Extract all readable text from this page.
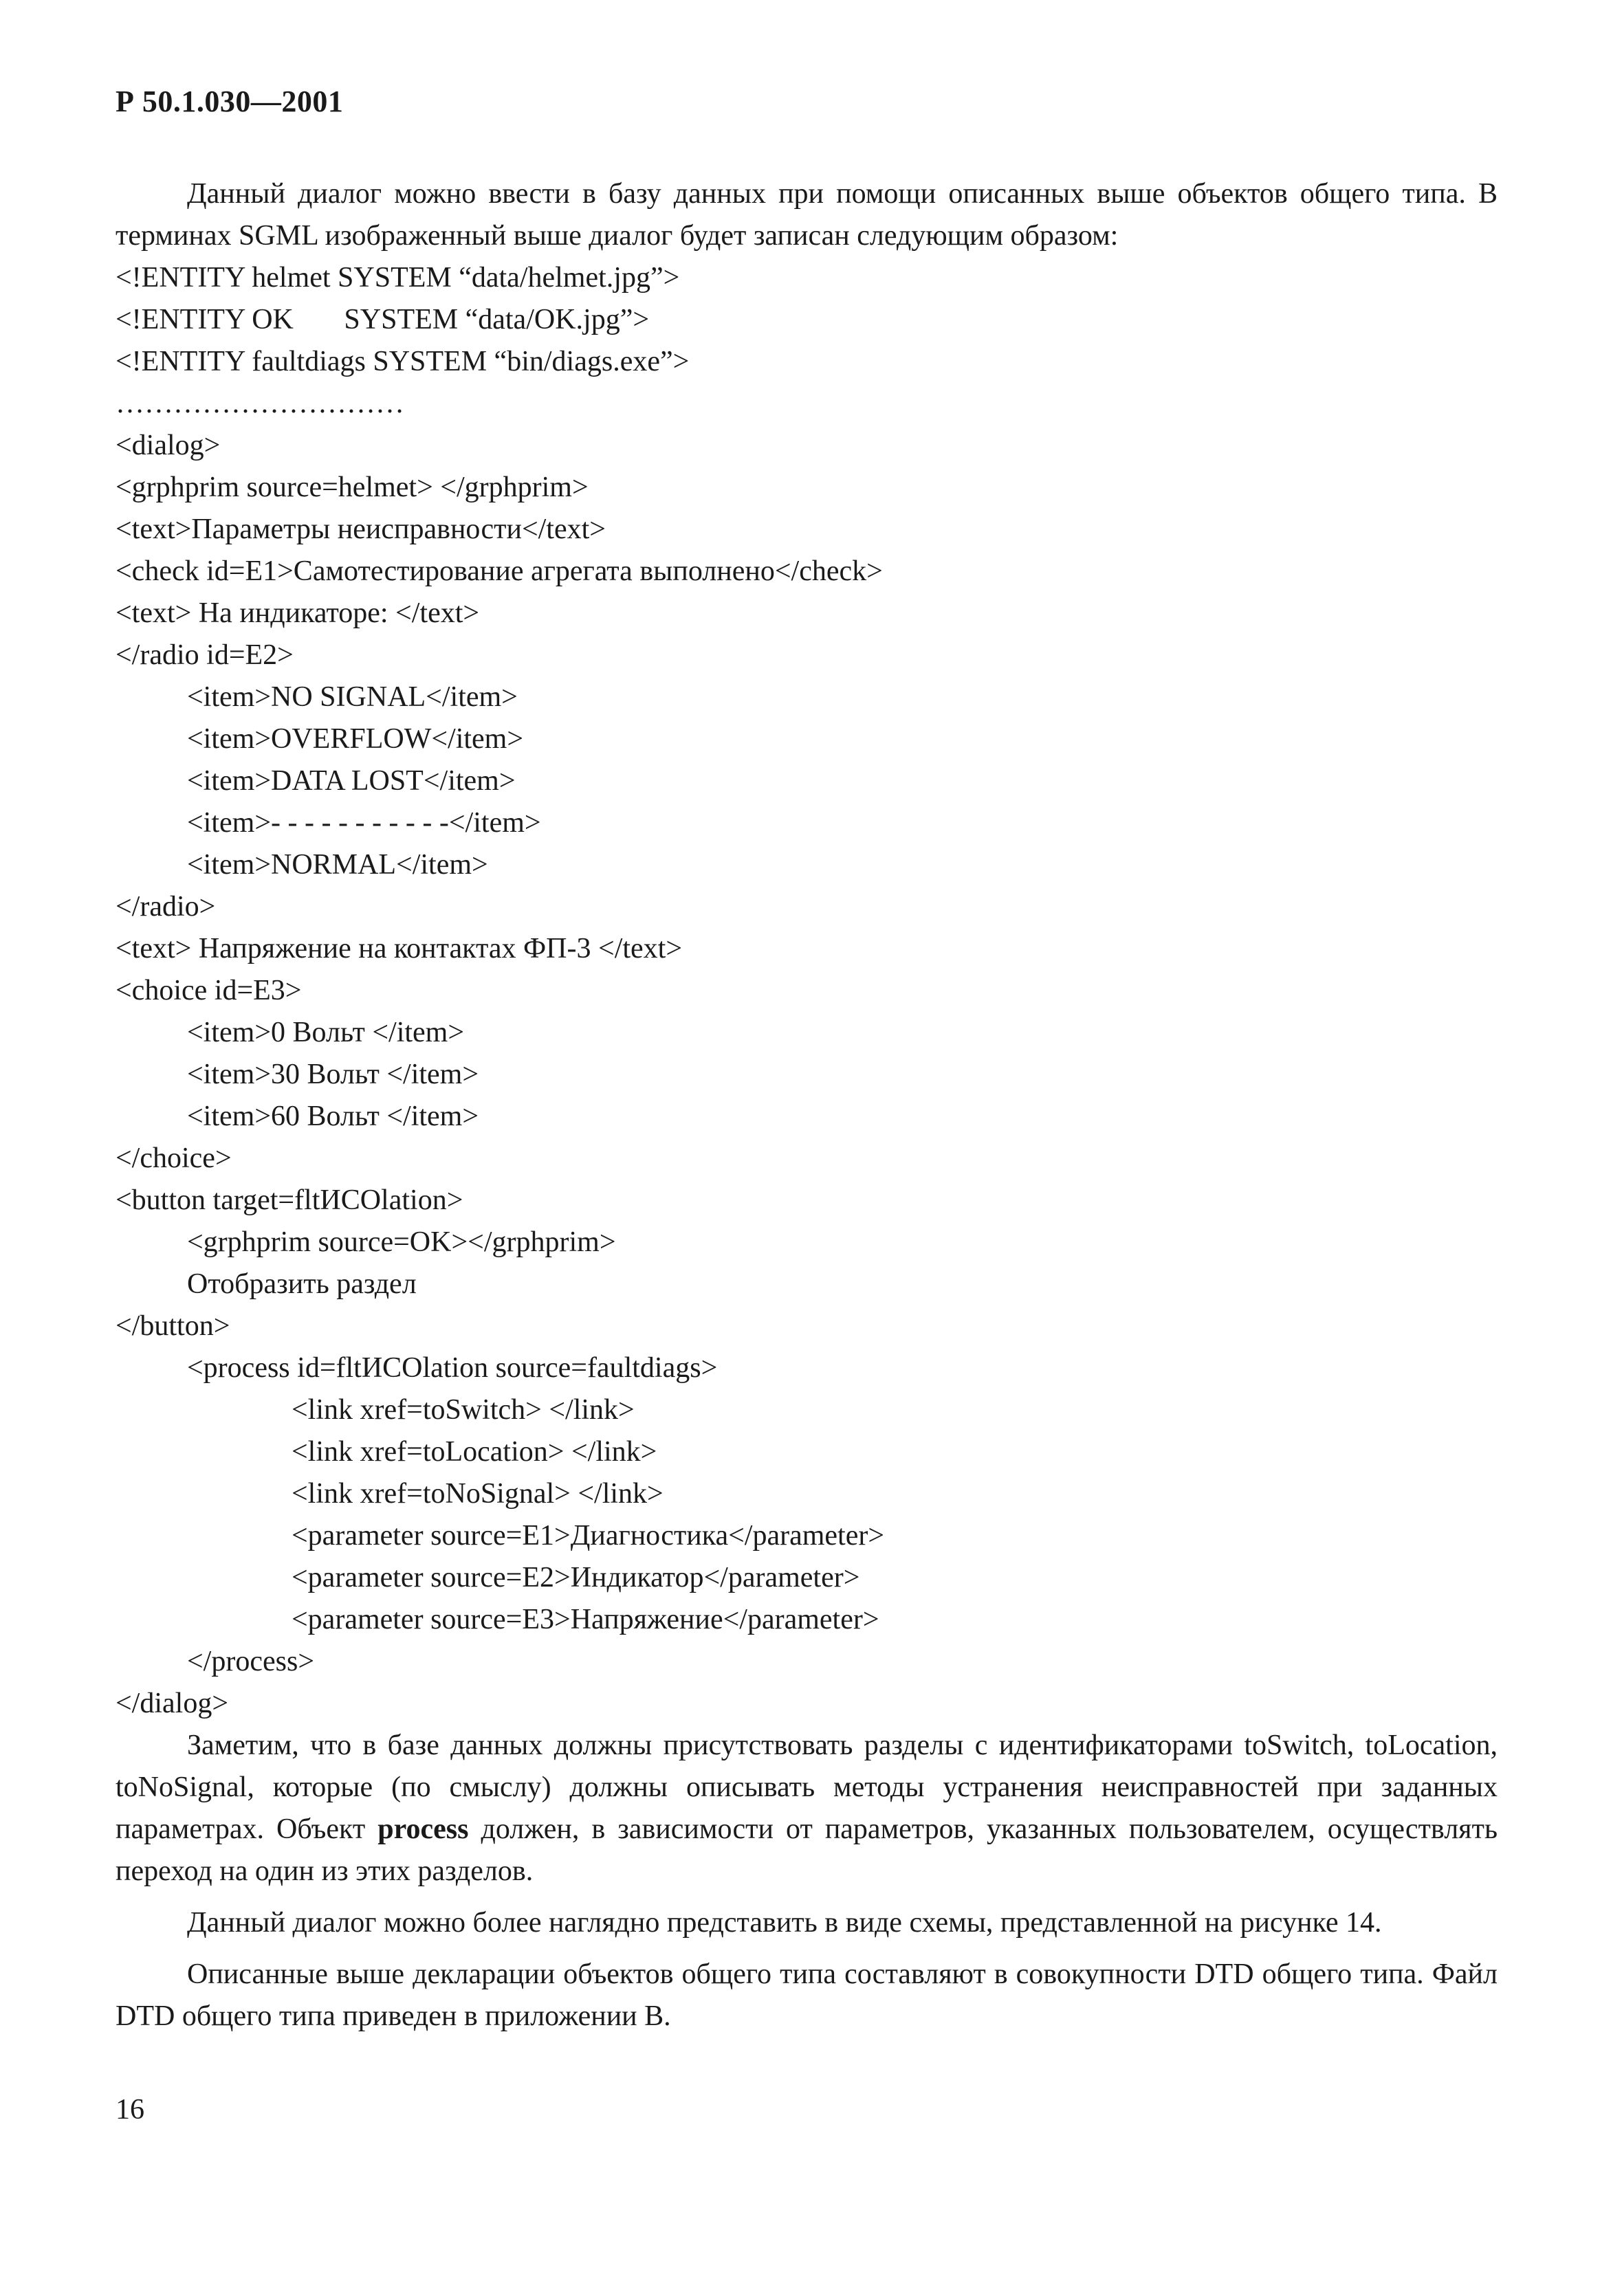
Р 50.1.030—2001

Данный диалог можно ввести в базу данных при помощи описанных выше объектов общего типа. В терминах SGML изображенный выше диалог будет записан следующим образом:

<!ENTITY helmet SYSTEM “data/helmet.jpg”>
<!ENTITY OK       SYSTEM “data/OK.jpg”>
<!ENTITY faultdiags SYSTEM “bin/diags.exe”>
…………………………
<dialog>
<grphprim source=helmet> </grphprim>
<text>Параметры неисправности</text>
<check id=E1>Самотестирование агрегата выполнено</check>
<text> На индикаторе: </text>
</radio id=E2>
<item>NO SIGNAL</item>
<item>OVERFLOW</item>
<item>DATA LOST</item>
<item>- - - - - - - - - - -</item>
<item>NORMAL</item>
</radio>
<text> Напряжение на контактах ФП-3 </text>
<choice id=E3>
<item>0 Вольт </item>
<item>30 Вольт </item>
<item>60 Вольт </item>
</choice>
<button target=fltИСОlation>
<grphprim source=OK></grphprim>
Отобразить раздел
</button>
<process id=fltИСОlation source=faultdiags>
<link xref=toSwitch> </link>
<link xref=toLocation> </link>
<link xref=toNoSignal> </link>
<parameter source=E1>Диагностика</parameter>
<parameter source=E2>Индикатор</parameter>
<parameter source=E3>Напряжение</parameter>
</process>
</dialog>

Заметим, что в базе данных должны присутствовать разделы с идентификаторами toSwitch, toLocation, toNoSignal, которые (по смыслу) должны описывать методы устранения неисправностей при заданных параметрах. Объект process должен, в зависимости от параметров, указанных пользователем, осуществлять переход на один из этих разделов.

Данный диалог можно более наглядно представить в виде схемы, представленной на рисунке 14.

Описанные выше декларации объектов общего типа составляют в совокупности DTD общего типа. Файл DTD общего типа приведен в приложении В.

16
